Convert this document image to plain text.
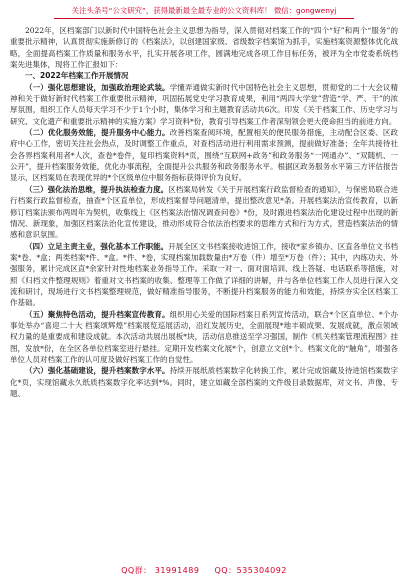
关注头条号“公文研究”，获得最新最全最专业的公文资料库！ 微信：gongwenyj

2022年，区档案部门以新时代中国特色社会主义思想为指导，深入贯彻对档案工作的“四个“好”和两个“服务”的重要批示精神，认真贯彻实施新修订的《档案法》，以创建国家级、省级数字档案馆为抓手，实施档案资源整体优化战略，全面提高档案工作质量和服务水平，扎实开展各项工作，圆满地完成各项工作目标任务，被评为全市党委系统档案先进集体，现将工作汇报如下：

一、2022年档案工作开展情况

（一）强化思想建设，加强政治理论武装。学懂弄通做实新时代中国特色社会主义思想，贯彻党的二十大会议精神和关于做好新时代档案工作重要批示精神，巩固拓展党史学习教育成果，利用“两四大学堂”营造“学、严、干”的浓厚氛围，组织工作人员每天学习不少于1个小时，集体学习和主题教育活动共6次。印发《关于档案工作、历史学习与研究、文化遗产和重要批示精神的实施方案》学习资料*份，教育引导档案工作者深刻领会更大使命担当的前进方向。

（二）优化服务效能，提升服务中心能力。改善档案查阅环境，配置相关的便民服务措施，主动配合区委、区政府中心工作，密切关注社会热点，及时调整工作重点，对查档活动进行利用需求预测，提前做好准备；全年共接待社会各界档案利用者*人次，查卷*卷件，复印档案资料*页，围绕“互联网+政务”和政务服务“一网通办”、“双随机、一公开”，提升档案服务效能，优化办事流程，全面提升公共服务和政务服务水平。根据区政务服务水平第三方评估报告显示，区档案局在表现优异的*个区级单位中服务指标获得评价为良好。

（三）强化法治思维，提升执法检查力度。区档案局转发《关于开展档案行政监督检查的通知》，与保密局联合进行档案行政监督检查，抽查*个区直单位，形成档案督导问题清单，提出整改意见*条。开展档案法治宣传教育，以新修订档案法颁布两周年为契机，收集线上《区档案法治情况调查问卷》*份，及时跟进档案法治化建设过程中出现的新情况、新现象，加强区档案法治化宣传建设，推动形成符合依法治档要求的思维方式和行为方式，营造档案法治的情感和意识氛围。

（四）立足主责主业，强化基本工作职能。开展全区文书档案接收进馆工作，接收*家乡镇办、区直各单位文书档案*卷、*盒；两类档案*件、*盒。*件、*卷，实现档案加载数量由*万卷（件）增至*万卷（件）；其中，内练功夫、外强服务，累计完成区直*余家针对性地档案业务指导工作。采取一对一、面对面培训、线上答疑、电话联系等措施，对照《归档文件整理规则》着重对文书档案的收集、整理等工作做了详细的讲解，并与各单位档案工作人员进行深入交流和研讨，现场进行文书档案整理规范，做好精准指导服务，不断提升档案服务的能力和效能，持续夯实全区档案工作基础。

（五）聚焦特色活动，提升档案宣传教育。组织用心关爱的国际档案日系列宣传活动，联合*个区直单位、*个办事处举办“喜迎二十大 档案颂辉煌”档案展览巡展活动，沿红发展历史，全面展现*地丰硕成果、发展成就，激点领域权力量的是重要成和建设成就。本次活动共展出展板*块，活动信息推送至学习强国，制作《机关档案管理流程图》挂图，发放*份，在全区各单位档案室进行悬挂。定期开发档案文化展*个，创意立文创*个。档案文化的“触角”，增强各单位人员对档案工作的认可度及做好档案工作的自觉性。

（六）强化基础建设，提升档案数字水平。持续开展纸质档案数字化转换工作，累计完成馆藏及待进馆档案数字化*页，实现馆藏永久纸质档案数字化率达到*%。同时，建立如藏全部档案的文件级目录数据库，对文书、声像、专题、

QQ群： 31991489 QQ：535304092
